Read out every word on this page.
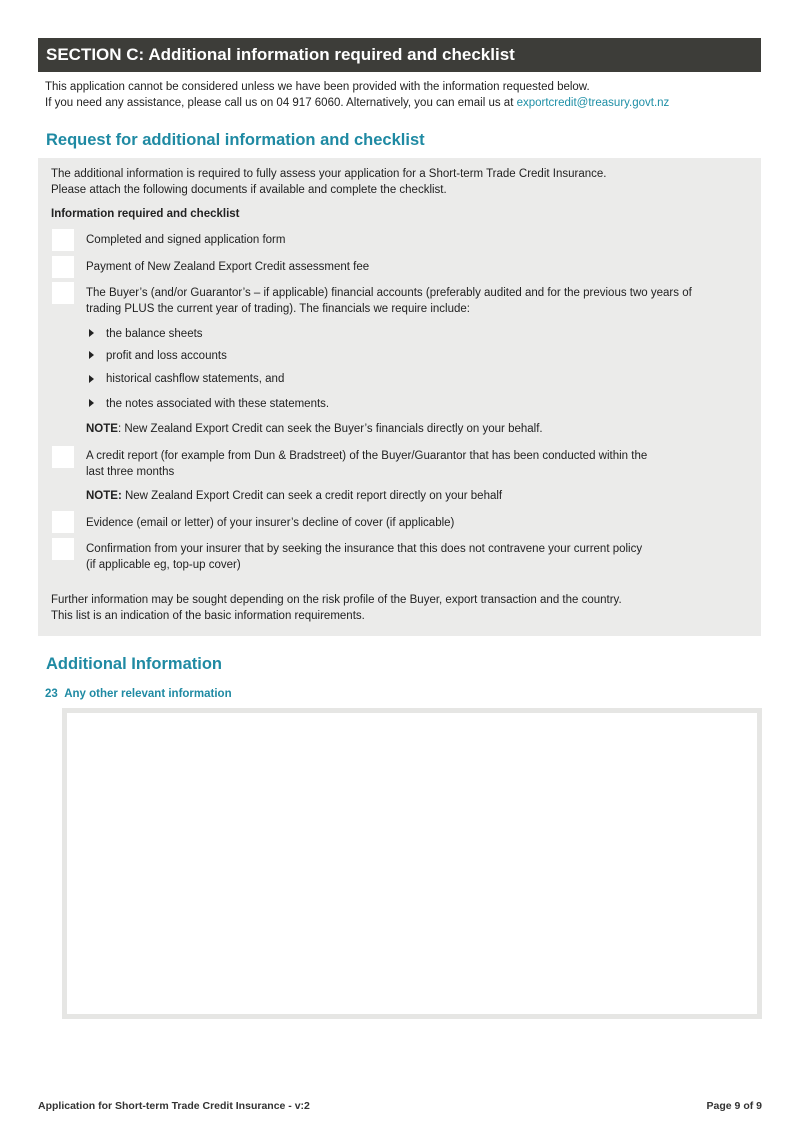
SECTION C: Additional information required and checklist
This application cannot be considered unless we have been provided with the information requested below.
If you need any assistance, please call us on 04 917 6060. Alternatively, you can email us at exportcredit@treasury.govt.nz
Request for additional information and checklist
The additional information is required to fully assess your application for a Short-term Trade Credit Insurance.
Please attach the following documents if available and complete the checklist.
Information required and checklist
Completed and signed application form
Payment of New Zealand Export Credit assessment fee
The Buyer’s (and/or Guarantor’s – if applicable) financial accounts (preferably audited and for the previous two years of
trading PLUS the current year of trading). The financials we require include:
the balance sheets
profit and loss accounts
historical cashflow statements, and
the notes associated with these statements.
NOTE: New Zealand Export Credit can seek the Buyer’s financials directly on your behalf.
A credit report (for example from Dun & Bradstreet) of the Buyer/Guarantor that has been conducted within the
last three months
NOTE: New Zealand Export Credit can seek a credit report directly on your behalf
Evidence (email or letter) of your insurer’s decline of cover (if applicable)
Confirmation from your insurer that by seeking the insurance that this does not contravene your current policy
(if applicable eg, top-up cover)
Further information may be sought depending on the risk profile of the Buyer, export transaction and the country.
This list is an indication of the basic information requirements.
Additional Information
23 Any other relevant information
Application for Short-term Trade Credit Insurance - v:2	Page 9 of 9
